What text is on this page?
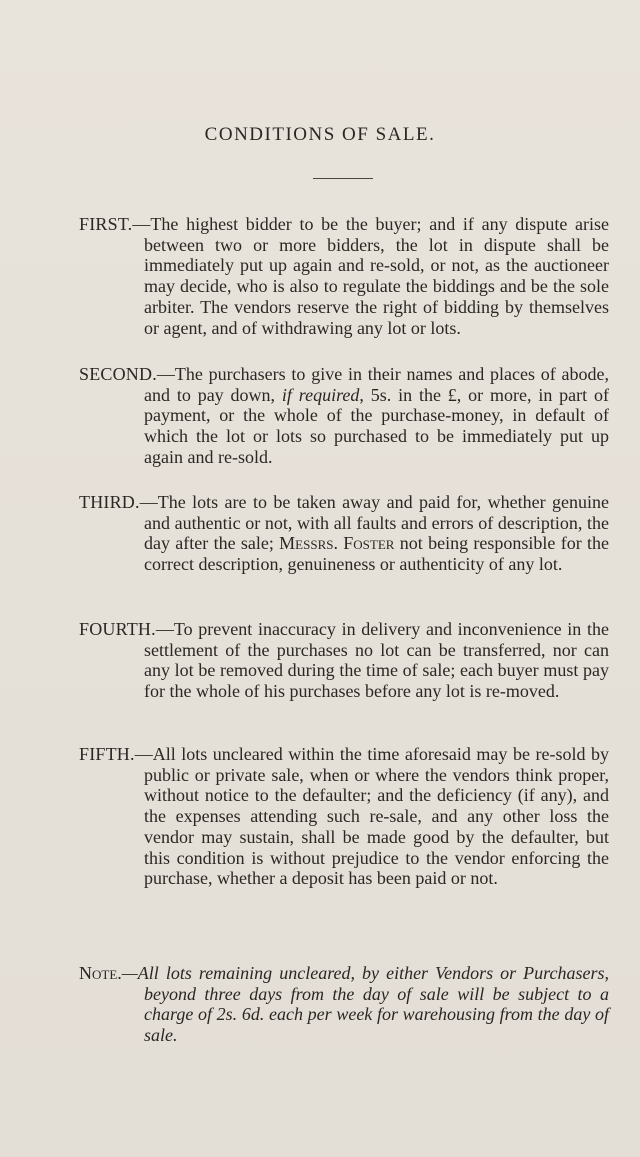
CONDITIONS OF SALE.

FIRST.—The highest bidder to be the buyer; and if any dispute arise between two or more bidders, the lot in dispute shall be immediately put up again and re-sold, or not, as the auctioneer may decide, who is also to regulate the biddings and be the sole arbiter. The vendors reserve the right of bidding by themselves or agent, and of withdrawing any lot or lots.

SECOND.—The purchasers to give in their names and places of abode, and to pay down, if required, 5s. in the £, or more, in part of payment, or the whole of the purchase-money, in default of which the lot or lots so purchased to be immediately put up again and re-sold.

THIRD.—The lots are to be taken away and paid for, whether genuine and authentic or not, with all faults and errors of description, the day after the sale; Messrs. Foster not being responsible for the correct description, genuineness or authenticity of any lot.

FOURTH.—To prevent inaccuracy in delivery and inconvenience in the settlement of the purchases no lot can be transferred, nor can any lot be removed during the time of sale; each buyer must pay for the whole of his purchases before any lot is re-moved.

FIFTH.—All lots uncleared within the time aforesaid may be re-sold by public or private sale, when or where the vendors think proper, without notice to the defaulter; and the deficiency (if any), and the expenses attending such re-sale, and any other loss the vendor may sustain, shall be made good by the defaulter, but this condition is without prejudice to the vendor enforcing the purchase, whether a deposit has been paid or not.

Note.—All lots remaining uncleared, by either Vendors or Purchasers, beyond three days from the day of sale will be subject to a charge of 2s. 6d. each per week for warehousing from the day of sale.
